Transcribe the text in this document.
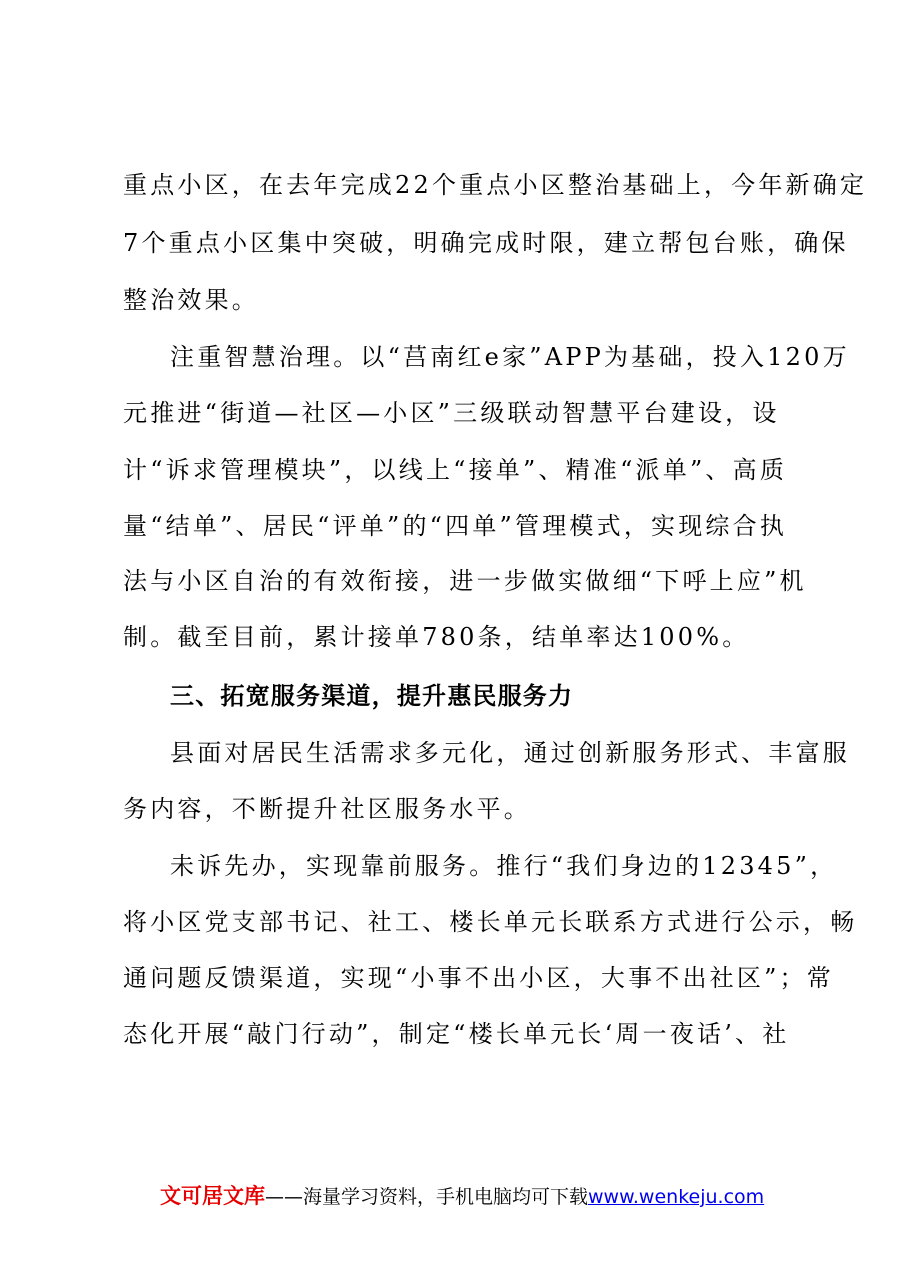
重点小区，在去年完成22个重点小区整治基础上，今年新确定

7个重点小区集中突破，明确完成时限，建立帮包台账，确保

整治效果。

注重智慧治理。以“莒南红e家”APP为基础，投入120万

元推进“街道—社区—小区”三级联动智慧平台建设，设

计“诉求管理模块”，以线上“接单”、精准“派单”、高质

量“结单”、居民“评单”的“四单”管理模式，实现综合执

法与小区自治的有效衔接，进一步做实做细“下呼上应”机

制。截至目前，累计接单780条，结单率达100%。

三、拓宽服务渠道，提升惠民服务力

县面对居民生活需求多元化，通过创新服务形式、丰富服

务内容，不断提升社区服务水平。

未诉先办，实现靠前服务。推行“我们身边的12345”，

将小区党支部书记、社工、楼长单元长联系方式进行公示，畅

通问题反馈渠道，实现“小事不出小区，大事不出社区”；常

态化开展“敲门行动”，制定“楼长单元长‘周一夜话’、社

文可居文库——海量学习资料，手机电脑均可下载www.wenkeju.com
